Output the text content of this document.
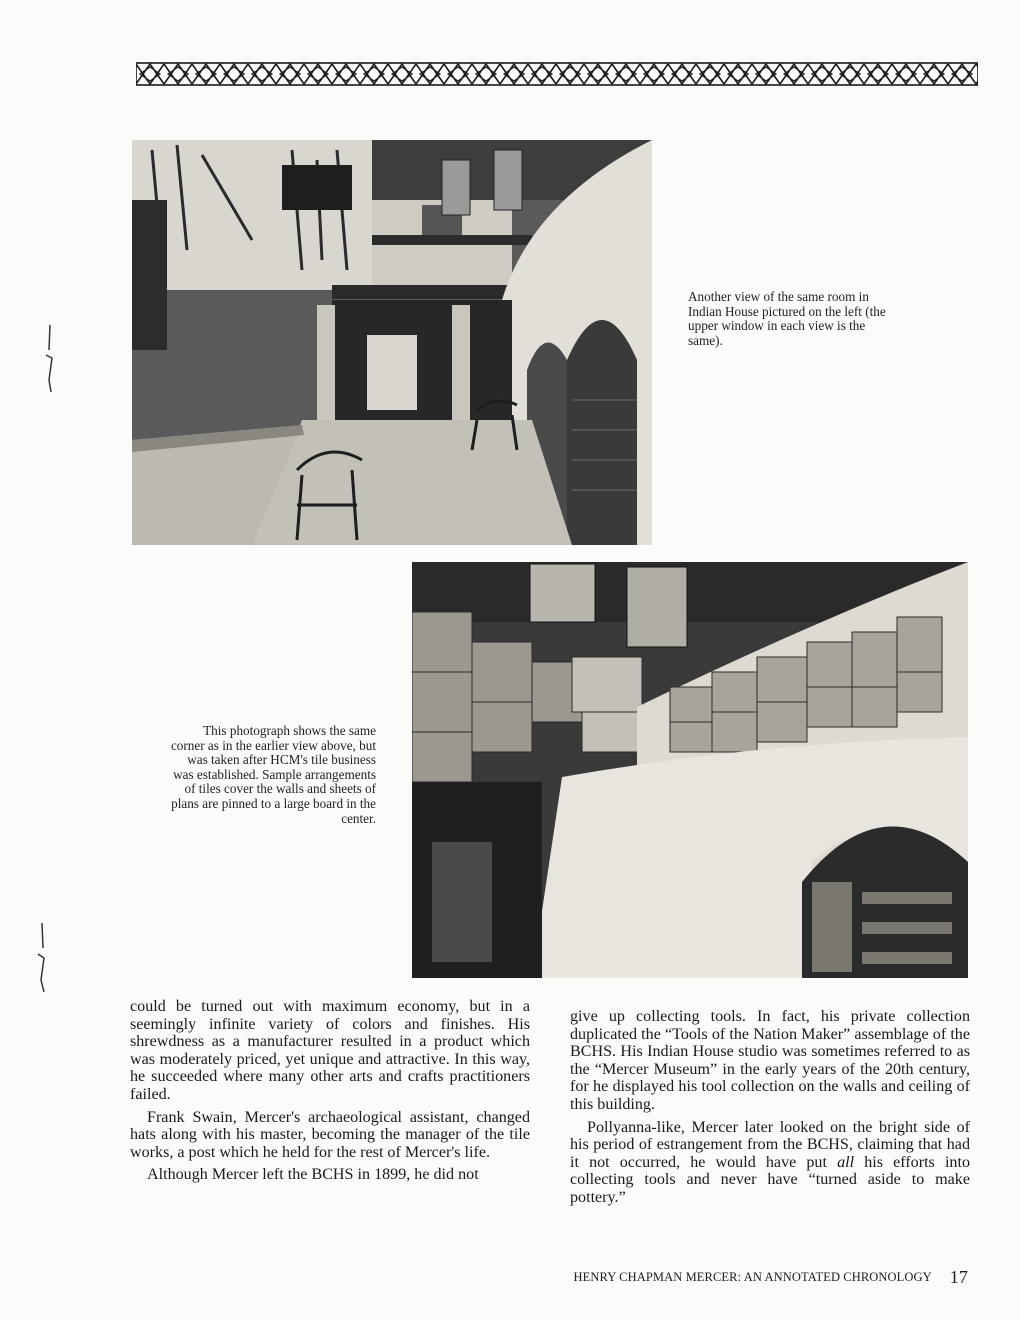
Another view of the same room in Indian House pictured on the left (the upper window in each view is the same).
This photograph shows the same corner as in the earlier view above, but was taken after HCM's tile business was established. Sample arrangements of tiles cover the walls and sheets of plans are pinned to a large board in the center.

could be turned out with maximum economy, but in a seemingly infinite variety of colors and finishes. His shrewdness as a manufacturer resulted in a product which was moderately priced, yet unique and attractive. In this way, he succeeded where many other arts and crafts practitioners failed.

Frank Swain, Mercer's archaeological assistant, changed hats along with his master, becoming the manager of the tile works, a post which he held for the rest of Mercer's life.

Although Mercer left the BCHS in 1899, he did not

give up collecting tools. In fact, his private collection duplicated the “Tools of the Nation Maker” assemblage of the BCHS. His Indian House studio was sometimes referred to as the “Mercer Museum” in the early years of the 20th century, for he displayed his tool collection on the walls and ceiling of this building.

Pollyanna-like, Mercer later looked on the bright side of his period of estrangement from the BCHS, claiming that had it not occurred, he would have put all his efforts into collecting tools and never have “turned aside to make pottery.”

HENRY CHAPMAN MERCER: AN ANNOTATED CHRONOLOGY 17
